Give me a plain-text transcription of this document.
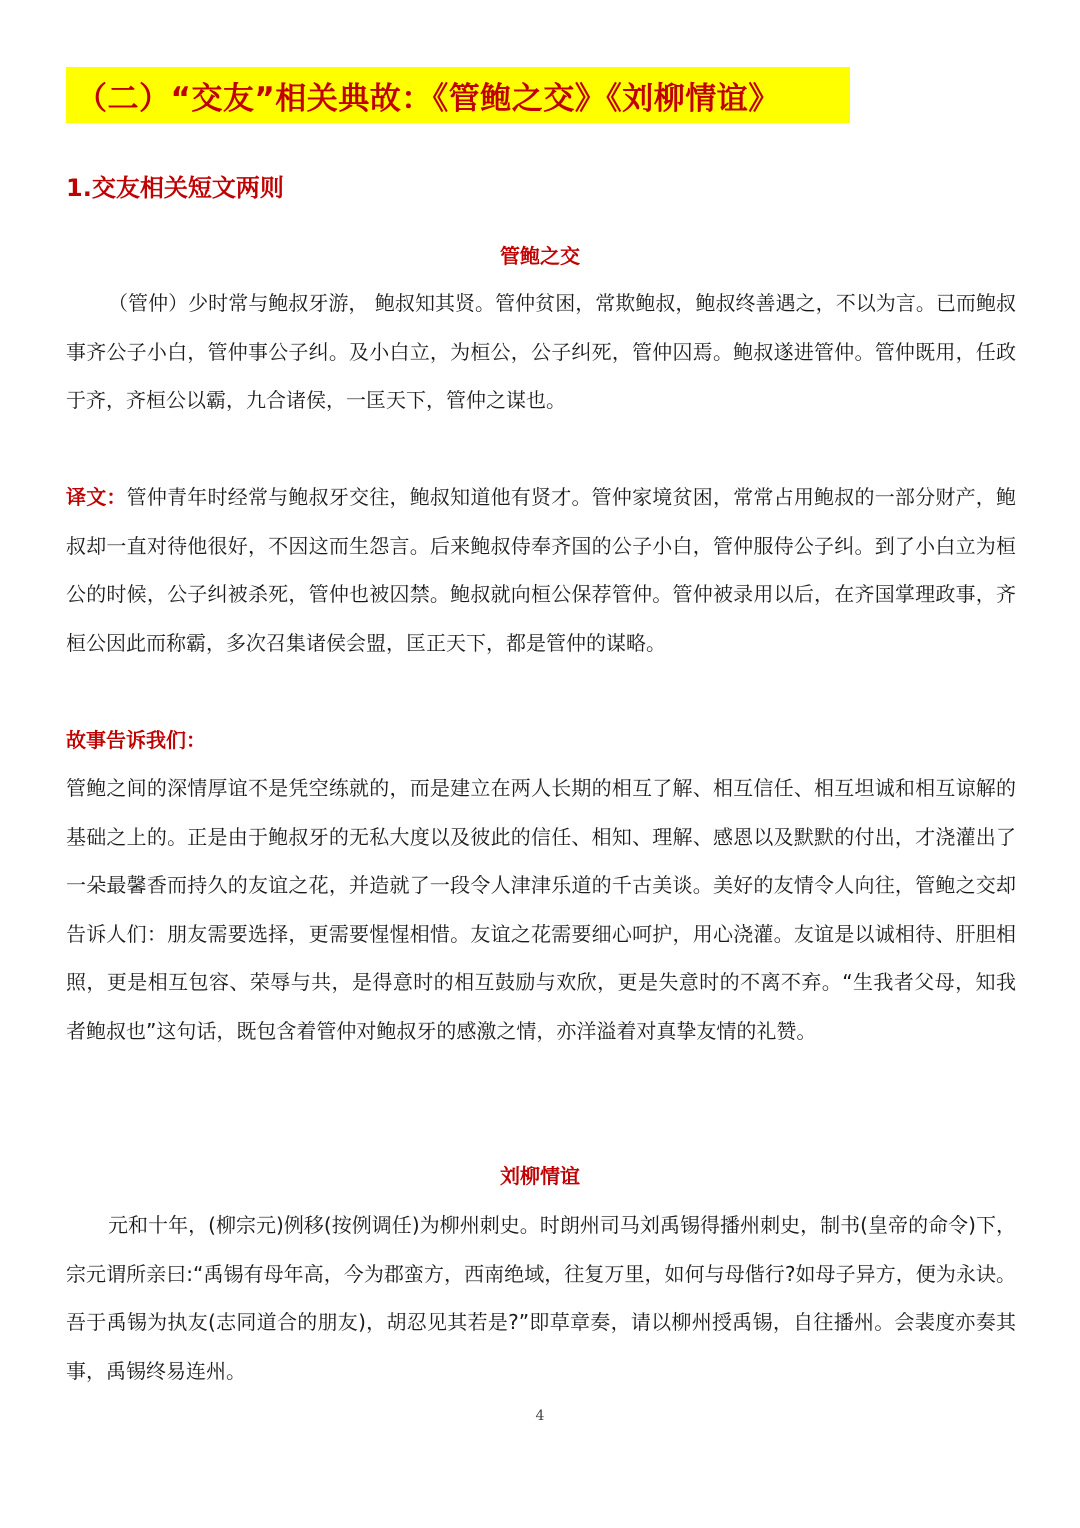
（二）“交友”相关典故：《管鲍之交》《刘柳情谊》
1.交友相关短文两则
管鲍之交

（管仲）少时常与鲍叔牙游， 鲍叔知其贤。管仲贫困，常欺鲍叔，鲍叔终善遇之，不以为言。已而鲍叔事齐公子小白，管仲事公子纠。及小白立，为桓公，公子纠死，管仲囚焉。鲍叔遂进管仲。管仲既用，任政于齐，齐桓公以霸，九合诸侯，一匡天下，管仲之谋也。

译文：管仲青年时经常与鲍叔牙交往，鲍叔知道他有贤才。管仲家境贫困，常常占用鲍叔的一部分财产，鲍叔却一直对待他很好，不因这而生怨言。后来鲍叔侍奉齐国的公子小白，管仲服侍公子纠。到了小白立为桓公的时候，公子纠被杀死，管仲也被囚禁。鲍叔就向桓公保荐管仲。管仲被录用以后，在齐国掌理政事，齐桓公因此而称霸，多次召集诸侯会盟，匡正天下，都是管仲的谋略。

故事告诉我们：

管鲍之间的深情厚谊不是凭空练就的，而是建立在两人长期的相互了解、相互信任、相互坦诚和相互谅解的基础之上的。正是由于鲍叔牙的无私大度以及彼此的信任、相知、理解、感恩以及默默的付出，才浇灌出了一朵最馨香而持久的友谊之花，并造就了一段令人津津乐道的千古美谈。美好的友情令人向往，管鲍之交却告诉人们：朋友需要选择，更需要惺惺相惜。友谊之花需要细心呵护，用心浇灌。友谊是以诚相待、肝胆相照，更是相互包容、荣辱与共，是得意时的相互鼓励与欢欣，更是失意时的不离不弃。“生我者父母，知我者鲍叔也”这句话，既包含着管仲对鲍叔牙的感激之情，亦洋溢着对真挚友情的礼赞。

刘柳情谊

元和十年，(柳宗元)例移(按例调任)为柳州刺史。时朗州司马刘禹锡得播州刺史，制书(皇帝的命令)下，宗元谓所亲曰:“禹锡有母年高，今为郡蛮方，西南绝域，往复万里，如何与母偕行?如母子异方，便为永诀。吾于禹锡为执友(志同道合的朋友)，胡忍见其若是?”即草章奏，请以柳州授禹锡，自往播州。会裴度亦奏其事，禹锡终易连州。

4
